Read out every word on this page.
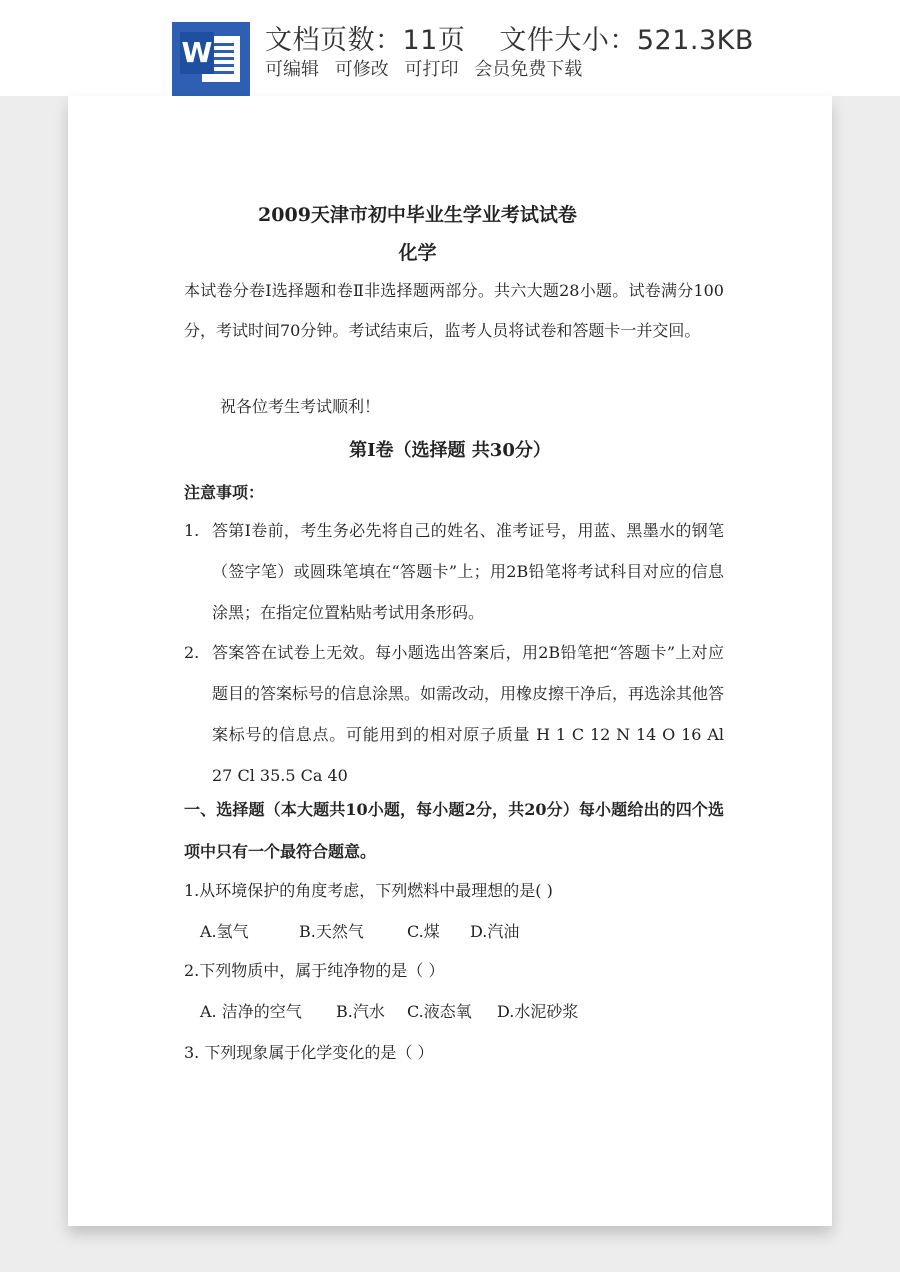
W 文档页数：11页 文件大小：521.3KB
可编辑 可修改 可打印 会员免费下载
2009天津市初中毕业生学业考试试卷
化学
本试卷分卷Ⅰ选择题和卷Ⅱ非选择题两部分。共六大题28小题。试卷满分100分，考试时间70分钟。考试结束后，监考人员将试卷和答题卡一并交回。
祝各位考生考试顺利！
第Ⅰ卷（选择题 共30分）
注意事项：
1. 答第Ⅰ卷前，考生务必先将自己的姓名、准考证号，用蓝、黑墨水的钢笔（签字笔）或圆珠笔填在“答题卡”上；用2B铅笔将考试科目对应的信息涂黑；在指定位置粘贴考试用条形码。
2. 答案答在试卷上无效。每小题选出答案后，用2B铅笔把“答题卡”上对应题目的答案标号的信息涂黑。如需改动，用橡皮擦干净后，再选涂其他答案标号的信息点。可能用到的相对原子质量 H 1 C 12 N 14 O 16 Al 27 Cl 35.5 Ca 40
一、选择题（本大题共10小题，每小题2分，共20分）每小题给出的四个选项中只有一个最符合题意。
1.从环境保护的角度考虑，下列燃料中最理想的是( )
A.氢气	B.天然气	C.煤 D.汽油
2.下列物质中，属于纯净物的是（ ）
A. 洁净的空气 B.汽水 C.液态氧 D.水泥砂浆
3. 下列现象属于化学变化的是（ ）
